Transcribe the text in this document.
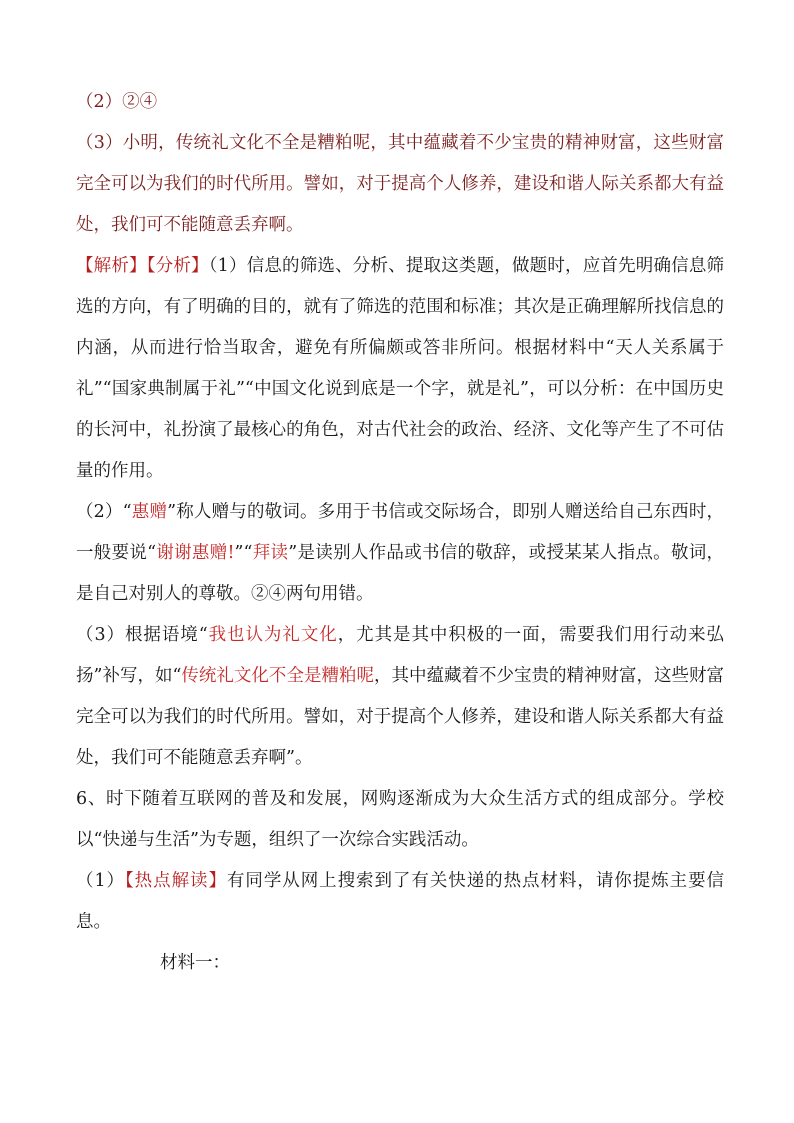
（2）②④

（3）小明，传统礼文化不全是糟粕呢，其中蕴藏着不少宝贵的精神财富，这些财富完全可以为我们的时代所用。譬如，对于提高个人修养，建设和谐人际关系都大有益处，我们可不能随意丢弃啊。

【解析】【分析】（1）信息的筛选、分析、提取这类题，做题时，应首先明确信息筛选的方向，有了明确的目的，就有了筛选的范围和标准；其次是正确理解所找信息的内涵，从而进行恰当取舍，避免有所偏颇或答非所问。根据材料中“天人关系属于礼”“国家典制属于礼”“中国文化说到底是一个字，就是礼”，可以分析：在中国历史的长河中，礼扮演了最核心的角色，对古代社会的政治、经济、文化等产生了不可估量的作用。

（2）“惠赠”称人赠与的敬词。多用于书信或交际场合，即别人赠送给自己东西时，一般要说“谢谢惠赠!”“拜读”是读别人作品或书信的敬辞，或授某某人指点。敬词，是自己对别人的尊敬。②④两句用错。

（3）根据语境“我也认为礼文化，尤其是其中积极的一面，需要我们用行动来弘扬”补写，如“传统礼文化不全是糟粕呢，其中蕴藏着不少宝贵的精神财富，这些财富完全可以为我们的时代所用。譬如，对于提高个人修养，建设和谐人际关系都大有益处，我们可不能随意丢弃啊”。

6、时下随着互联网的普及和发展，网购逐渐成为大众生活方式的组成部分。学校以“快递与生活”为专题，组织了一次综合实践活动。

（1）【热点解读】有同学从网上搜索到了有关快递的热点材料，请你提炼主要信息。

材料一：
